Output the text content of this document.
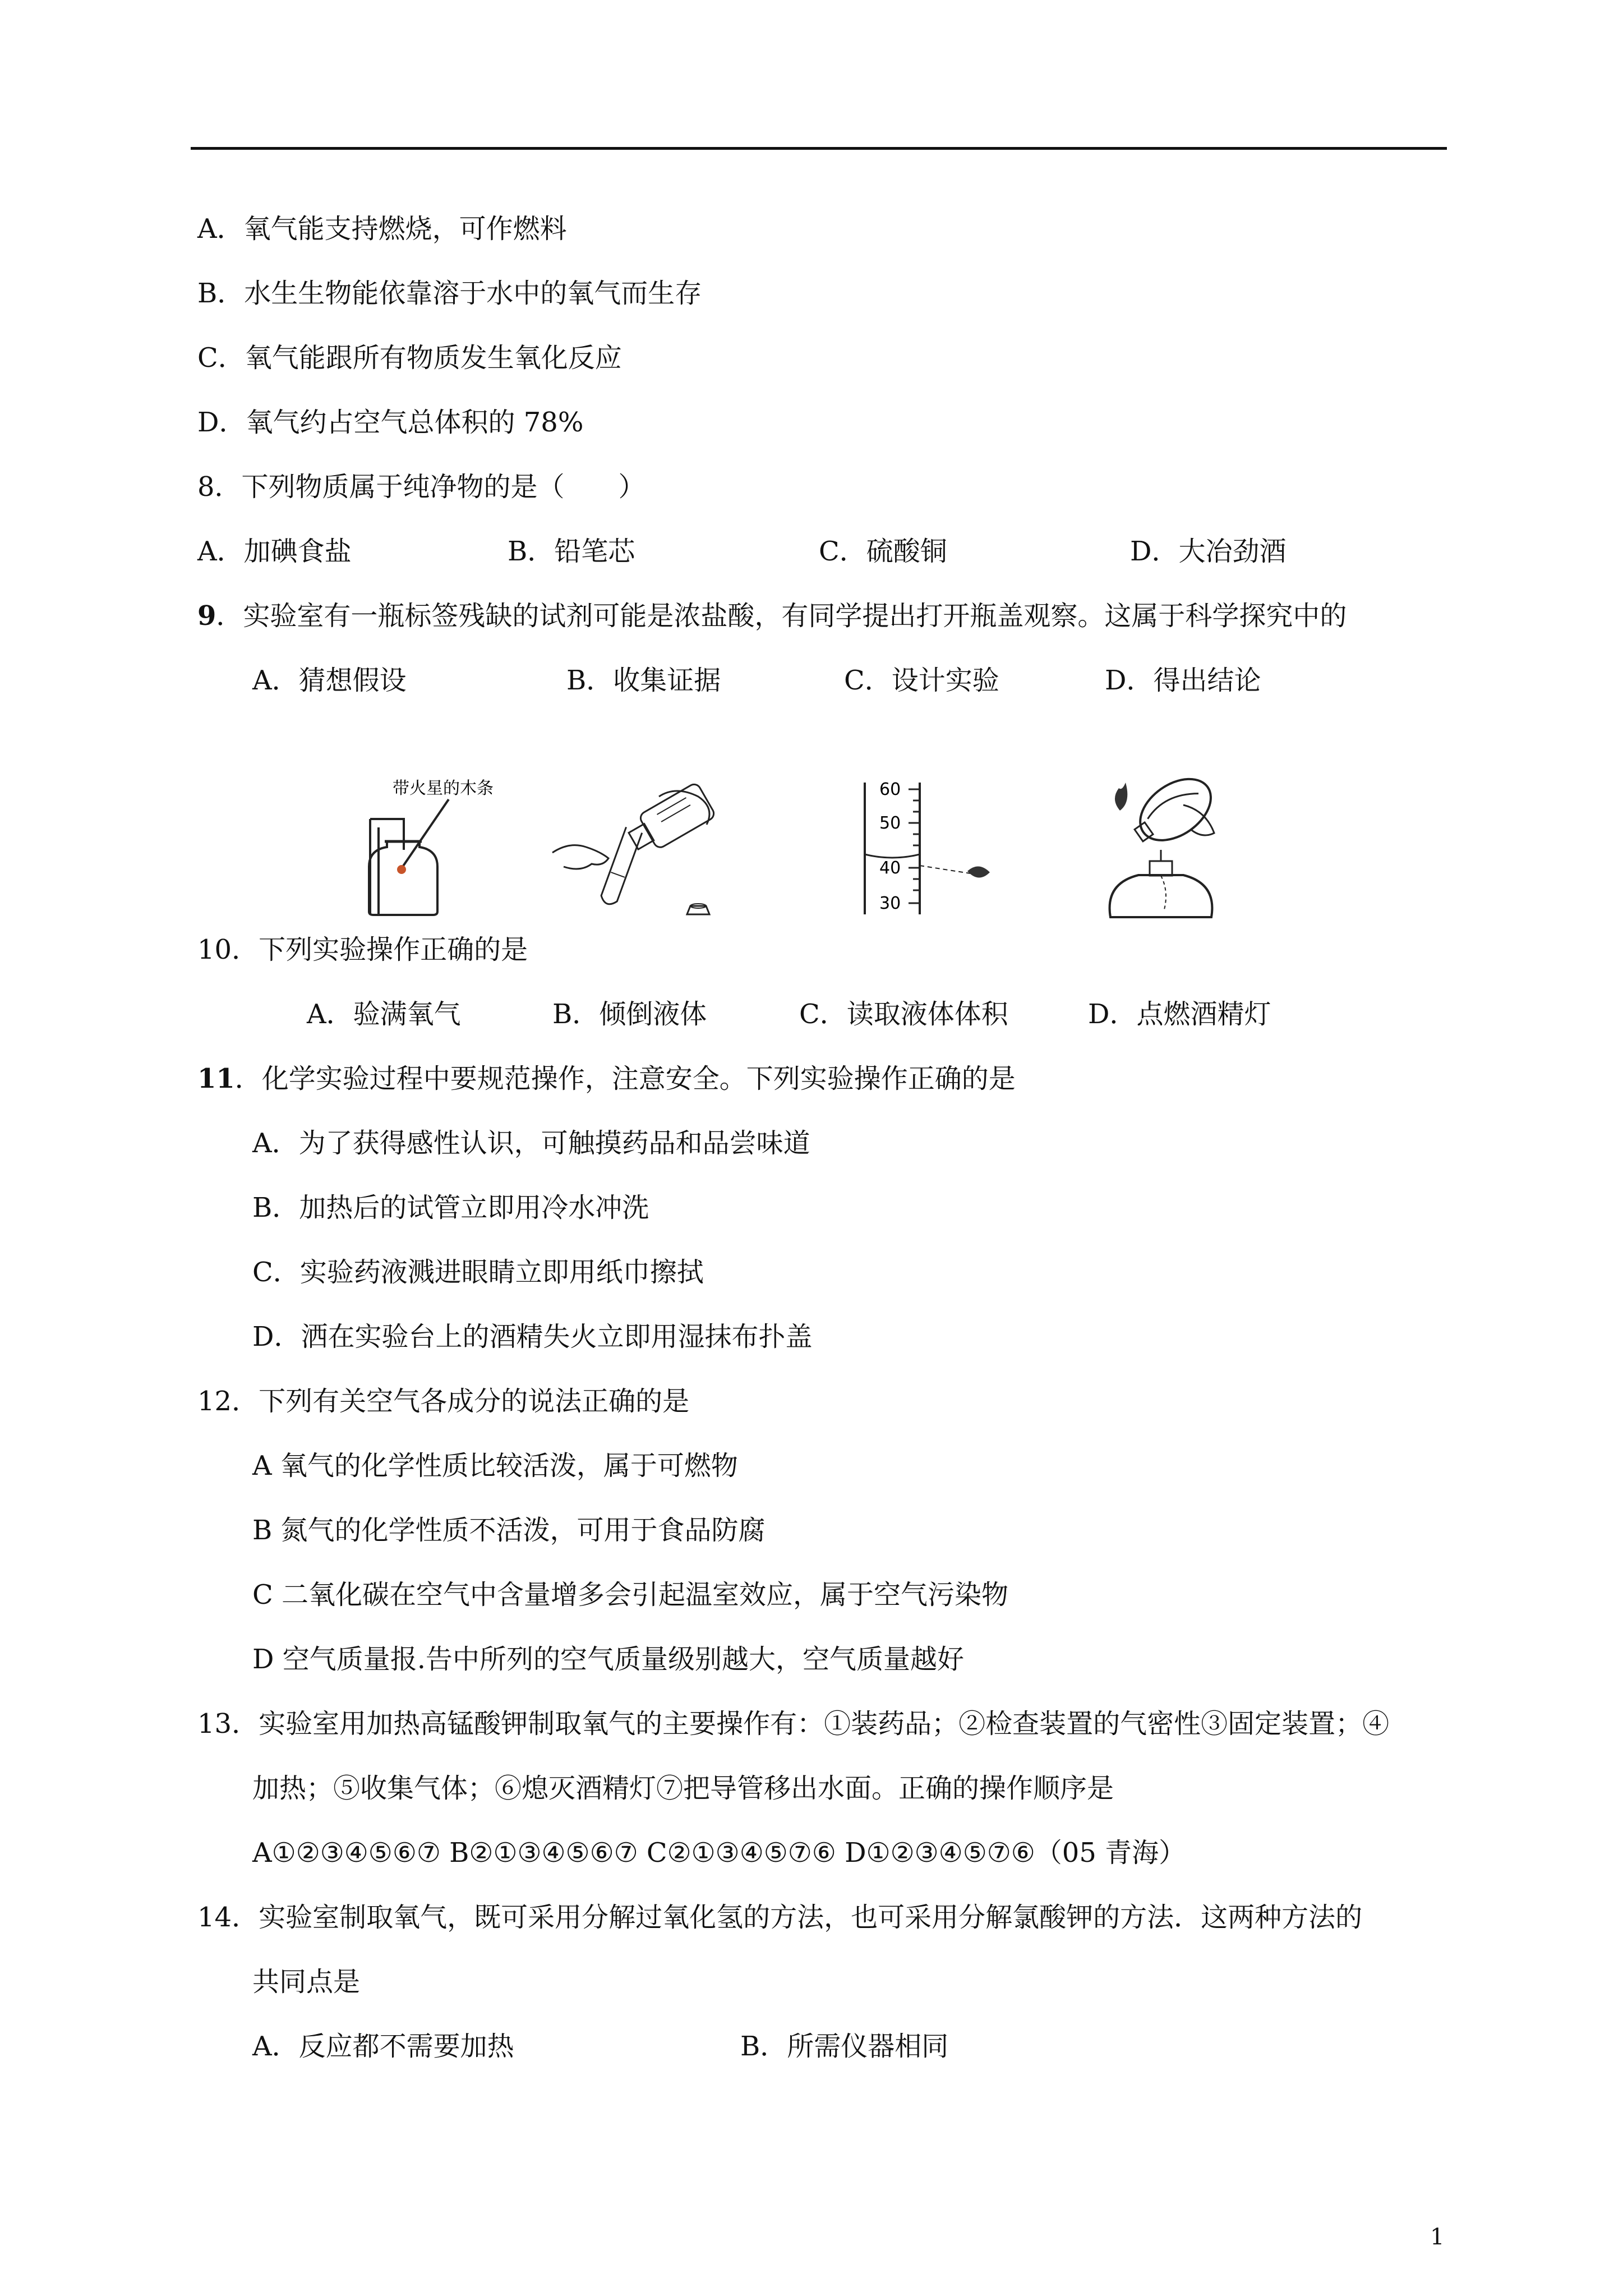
A．氧气能支持燃烧，可作燃料
B．水生生物能依靠溶于水中的氧气而生存
C．氧气能跟所有物质发生氧化反应
D．氧气约占空气总体积的 78%
8．下列物质属于纯净物的是（　　）
A．加碘食盐	B．铅笔芯	C．硫酸铜	D．大冶劲酒
9．实验室有一瓶标签残缺的试剂可能是浓盐酸，有同学提出打开瓶盖观察。这属于科学探究中的
A．猜想假设	B．收集证据	C．设计实验	D．得出结论
带火星的木条	60
50
40
30
10．下列实验操作正确的是
A．验满氧气	B．倾倒液体	C．读取液体体积	D．点燃酒精灯
11．化学实验过程中要规范操作，注意安全。下列实验操作正确的是
A．为了获得感性认识，可触摸药品和品尝味道
B．加热后的试管立即用冷水冲洗
C．实验药液溅进眼睛立即用纸巾擦拭
D．洒在实验台上的酒精失火立即用湿抹布扑盖
12．下列有关空气各成分的说法正确的是
A 氧气的化学性质比较活泼，属于可燃物
B 氮气的化学性质不活泼，可用于食品防腐
C 二氧化碳在空气中含量增多会引起温室效应，属于空气污染物
D 空气质量报.告中所列的空气质量级别越大，空气质量越好
13．实验室用加热高锰酸钾制取氧气的主要操作有：①装药品；②检查装置的气密性③固定装置；④
加热；⑤收集气体；⑥熄灭酒精灯⑦把导管移出水面。正确的操作顺序是
A①②③④⑤⑥⑦ B②①③④⑤⑥⑦ C②①③④⑤⑦⑥ D①②③④⑤⑦⑥（05 青海）
14．实验室制取氧气，既可采用分解过氧化氢的方法，也可采用分解氯酸钾的方法．这两种方法的
共同点是
A．反应都不需要加热	B．所需仪器相同
1
